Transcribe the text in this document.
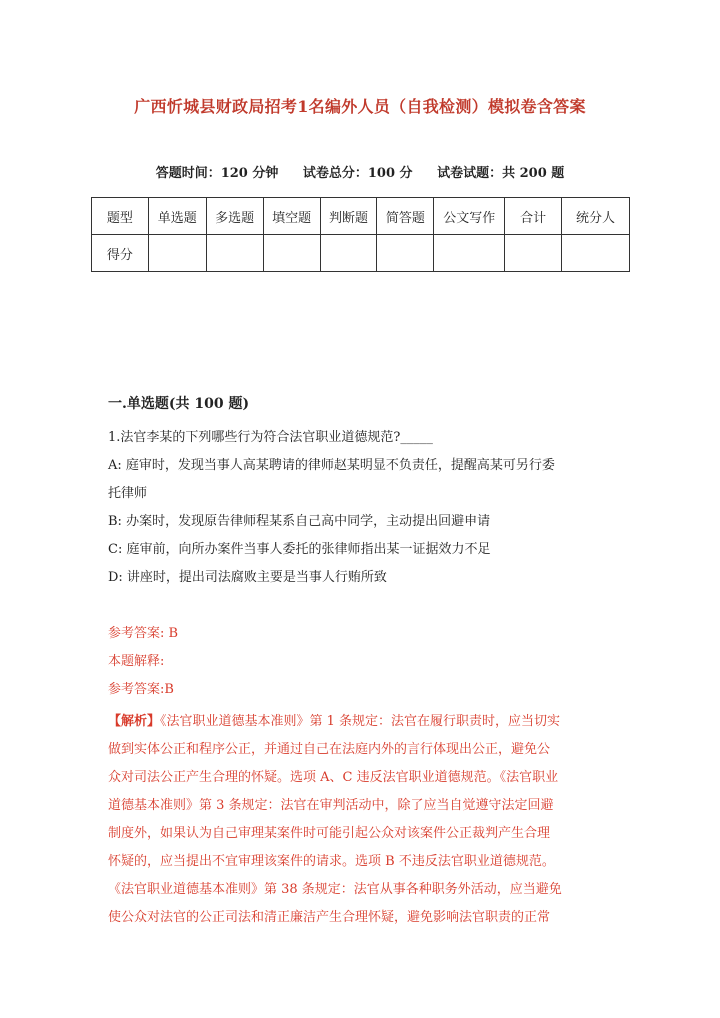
广西忻城县财政局招考1名编外人员（自我检测）模拟卷含答案
答题时间：120 分钟 试卷总分：100 分 试卷试题：共 200 题
题型	单选题	多选题	填空题	判断题	简答题	公文写作	合计	统分人
得分								
一.单选题(共 100 题)
1.法官李某的下列哪些行为符合法官职业道德规范?_____
A: 庭审时，发现当事人高某聘请的律师赵某明显不负责任，提醒高某可另行委
托律师
B: 办案时，发现原告律师程某系自己高中同学，主动提出回避申请
C: 庭审前，向所办案件当事人委托的张律师指出某一证据效力不足
D: 讲座时，提出司法腐败主要是当事人行贿所致
参考答案: B
本题解释:
参考答案:B
【解析】《法官职业道德基本准则》第 1 条规定：法官在履行职责时，应当切实
做到实体公正和程序公正，并通过自己在法庭内外的言行体现出公正，避免公
众对司法公正产生合理的怀疑。选项 A、C 违反法官职业道德规范。《法官职业
道德基本准则》第 3 条规定：法官在审判活动中，除了应当自觉遵守法定回避
制度外，如果认为自己审理某案件时可能引起公众对该案件公正裁判产生合理
怀疑的，应当提出不宜审理该案件的请求。选项 B 不违反法官职业道德规范。
《法官职业道德基本准则》第 38 条规定：法官从事各种职务外活动，应当避免
使公众对法官的公正司法和清正廉洁产生合理怀疑，避免影响法官职责的正常
